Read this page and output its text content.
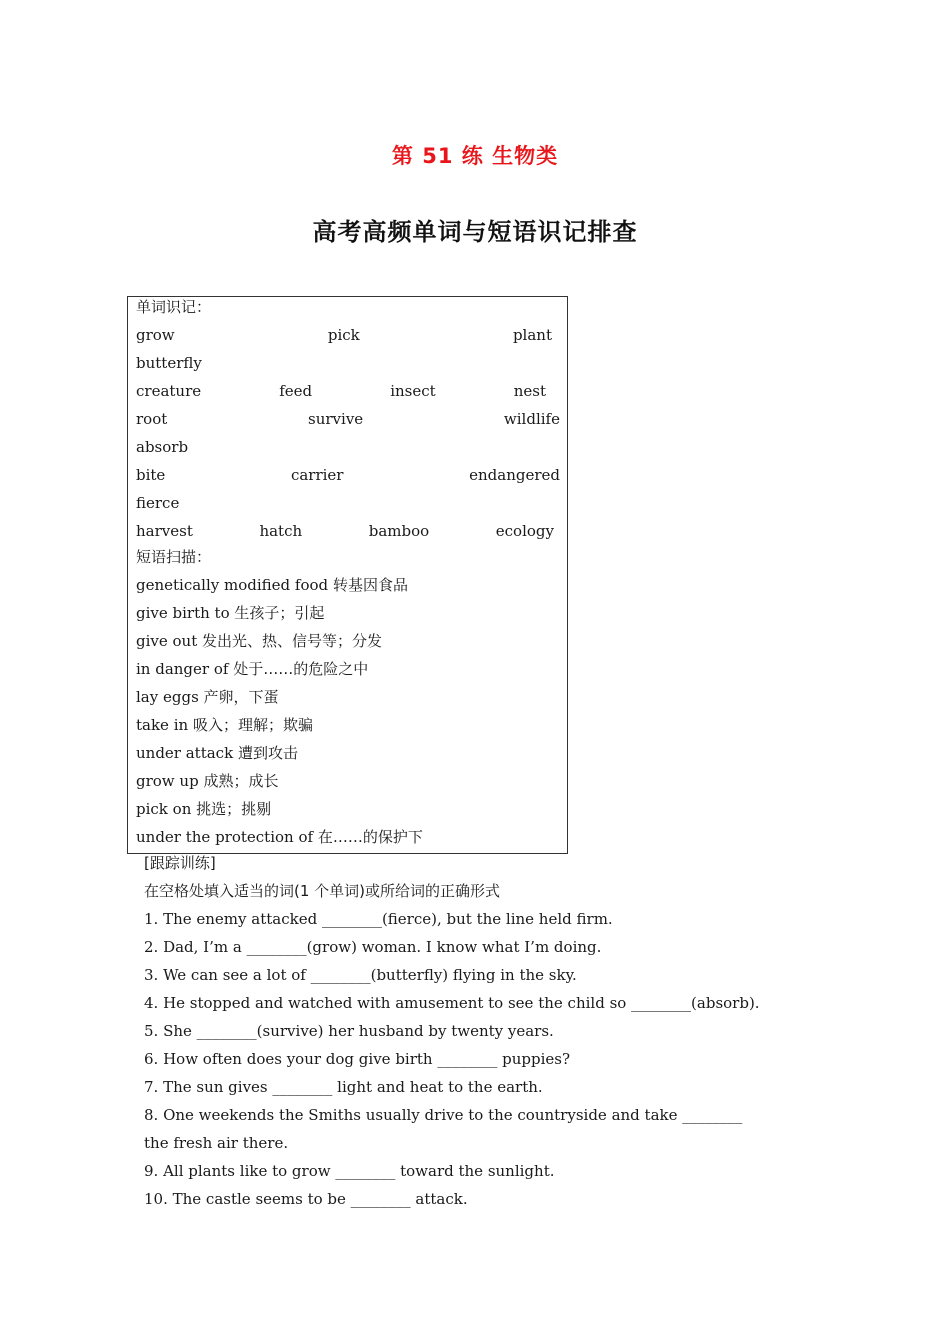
第 51 练 生物类
高考高频单词与短语识记排查
单词识记：
grow	pick	plant
butterfly
creature	feed	insect	nest
root	survive	wildlife
absorb
bite	carrier	endangered
fierce
harvest	hatch	bamboo	ecology
短语扫描：
genetically modified food 转基因食品
give birth to 生孩子；引起
give out 发出光、热、信号等；分发
in danger of 处于……的危险之中
lay eggs 产卵，下蛋
take in 吸入；理解；欺骗
under attack 遭到攻击
grow up 成熟；成长
pick on 挑选；挑剔
under the protection of 在……的保护下
[跟踪训练]
在空格处填入适当的词(1 个单词)或所给词的正确形式
1. The enemy attacked ________(fierce), but the line held firm.
2. Dad, I’m a ________(grow) woman. I know what I’m doing.
3. We can see a lot of ________(butterfly) flying in the sky.
4. He stopped and watched with amusement to see the child so ________(absorb).
5. She ________(survive) her husband by twenty years.
6. How often does your dog give birth ________ puppies?
7. The sun gives ________ light and heat to the earth.
8. One weekends the Smiths usually drive to the countryside and take ________
the fresh air there.
9. All plants like to grow ________ toward the sunlight.
10. The castle seems to be ________ attack.
